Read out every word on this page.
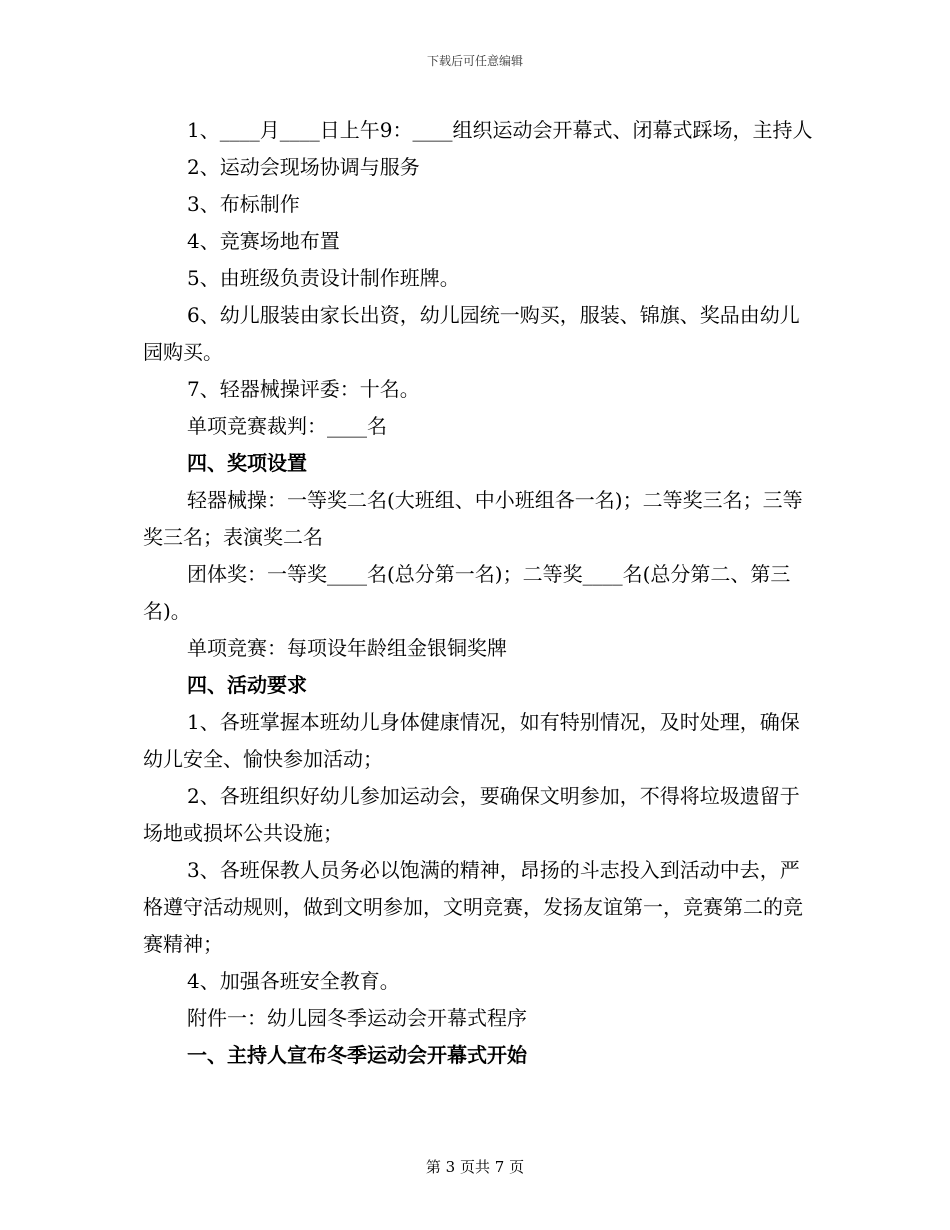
下载后可任意编辑

1、____月____日上午9：____组织运动会开幕式、闭幕式踩场，主持人

2、运动会现场协调与服务

3、布标制作

4、竞赛场地布置

5、由班级负责设计制作班牌。

6、幼儿服装由家长出资，幼儿园统一购买，服装、锦旗、奖品由幼儿园购买。

7、轻器械操评委：十名。

单项竞赛裁判：____名

四、奖项设置

轻器械操：一等奖二名(大班组、中小班组各一名)；二等奖三名；三等奖三名；表演奖二名

团体奖：一等奖____名(总分第一名)；二等奖____名(总分第二、第三名)。

单项竞赛：每项设年龄组金银铜奖牌

四、活动要求

1、各班掌握本班幼儿身体健康情况，如有特别情况，及时处理，确保幼儿安全、愉快参加活动；

2、各班组织好幼儿参加运动会，要确保文明参加，不得将垃圾遗留于场地或损坏公共设施；

3、各班保教人员务必以饱满的精神，昂扬的斗志投入到活动中去，严格遵守活动规则，做到文明参加，文明竞赛，发扬友谊第一，竞赛第二的竞赛精神；

4、加强各班安全教育。

附件一：幼儿园冬季运动会开幕式程序

一、主持人宣布冬季运动会开幕式开始

第 3 页共 7 页
